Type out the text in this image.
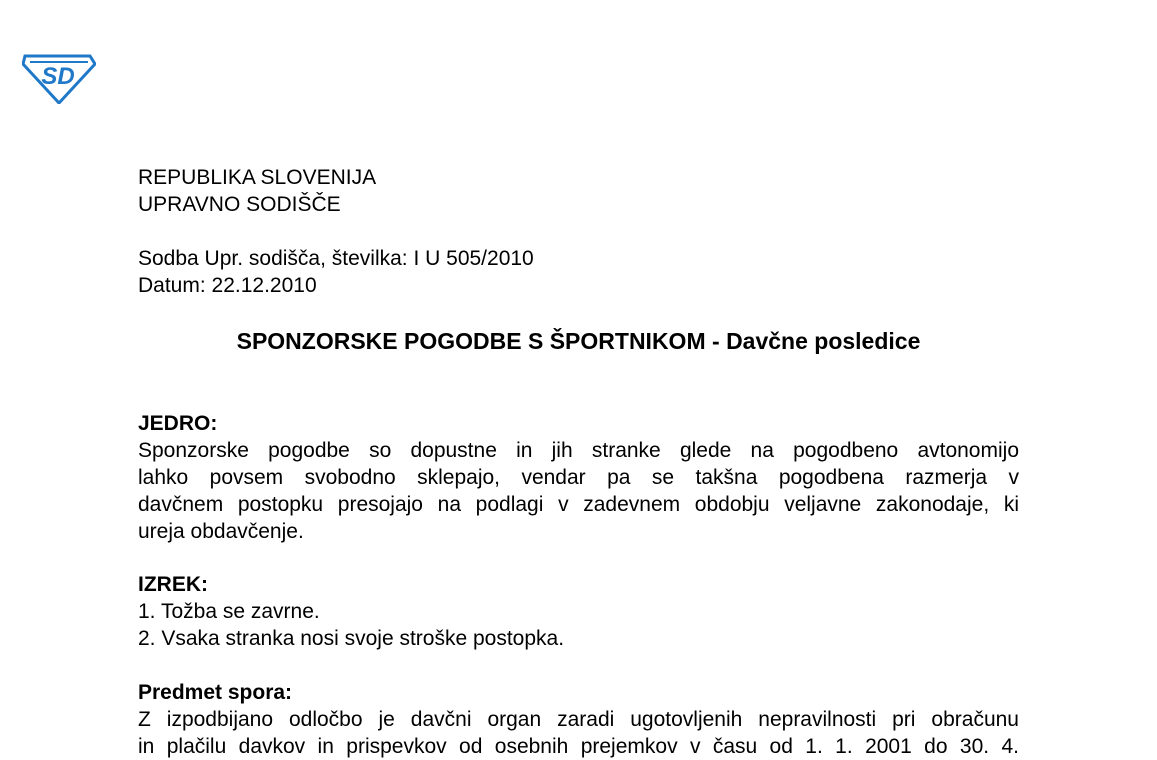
SD
REPUBLIKA SLOVENIJA
UPRAVNO SODIŠČE
Sodba Upr. sodišča, številka: I U 505/2010
Datum: 22.12.2010
SPONZORSKE POGODBE S ŠPORTNIKOM - Davčne posledice
JEDRO:
Sponzorske pogodbe so dopustne in jih stranke glede na pogodbeno avtonomijo
lahko povsem svobodno sklepajo, vendar pa se takšna pogodbena razmerja v
davčnem postopku presojajo na podlagi v zadevnem obdobju veljavne zakonodaje, ki
ureja obdavčenje.
IZREK:
1. Tožba se zavrne.
2. Vsaka stranka nosi svoje stroške postopka.
Predmet spora:
Z izpodbijano odločbo je davčni organ zaradi ugotovljenih nepravilnosti pri obračunu
in plačilu davkov in prispevkov od osebnih prejemkov v času od 1. 1. 2001 do 30. 4.
